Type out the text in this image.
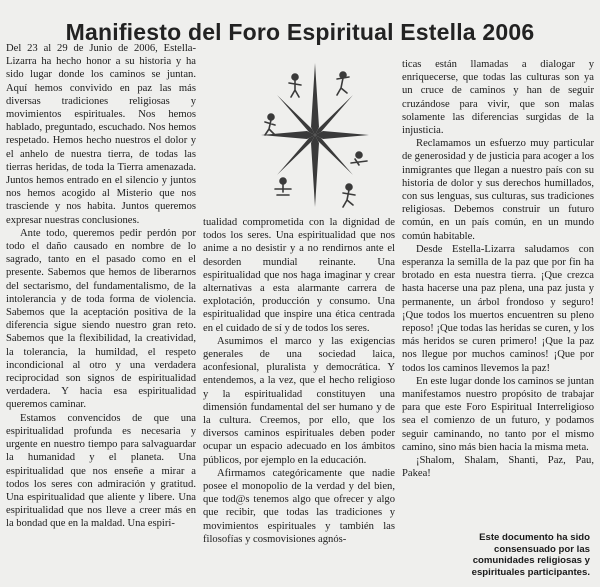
Manifiesto del Foro Espiritual Estella 2006

Del 23 al 29 de Junio de 2006, Estella-Lizarra ha hecho honor a su historia y ha sido lugar donde los caminos se juntan. Aquí hemos convivido en paz las más diversas tradiciones religiosas y movimientos espirituales. Nos hemos hablado, preguntado, escuchado. Nos hemos respetado. Hemos hecho nuestros el dolor y el anhelo de nuestra tierra, de todas las tierras heridas, de toda la Tierra amenazada. Juntos hemos entrado en el silencio y juntos nos hemos acogido al Misterio que nos trasciende y nos habita. Juntos queremos expresar nuestras conclusiones.

Ante todo, queremos pedir perdón por todo el daño causado en nombre de lo sagrado, tanto en el pasado como en el presente. Sabemos que hemos de liberarnos del sectarismo, del fundamentalismo, de la intolerancia y de toda forma de violencia. Sabemos que la aceptación positiva de la diferencia sigue siendo nuestro gran reto. Sabemos que la flexibilidad, la creatividad, la tolerancia, la humildad, el respeto incondicional al otro y una verdadera reciprocidad son signos de espiritualidad verdadera. Y hacia esa espiritualidad queremos caminar.

Estamos convencidos de que una espiritualidad profunda es necesaria y urgente en nuestro tiempo para salvaguardar la humanidad y el planeta. Una espiritualidad que nos enseñe a mirar a todos los seres con admiración y gratitud. Una espiritualidad que aliente y libere. Una espiritualidad que nos lleve a creer más en la bondad que en la maldad. Una espiri-

tualidad comprometida con la dignidad de todos los seres. Una espiritualidad que nos anime a no desistir y a no rendirnos ante el desorden mundial reinante. Una espiritualidad que nos haga imaginar y crear alternativas a esta alarmante carrera de explotación, producción y consumo. Una espiritualidad que inspire una ética centrada en el cuidado de sí y de todos los seres.

Asumimos el marco y las exigencias generales de una sociedad laica, aconfesional, pluralista y democrática. Y entendemos, a la vez, que el hecho religioso y la espiritualidad constituyen una dimensión fundamental del ser humano y de la cultura. Creemos, por ello, que los diversos caminos espirituales deben poder ocupar un espacio adecuado en los ámbitos públicos, por ejemplo en la educación.

Afirmamos categóricamente que nadie posee el monopolio de la verdad y del bien, que tod@s tenemos algo que ofrecer y algo que recibir, que todas las tradiciones y movimientos espirituales y también las filosofías y cosmovisiones agnós-

ticas están llamadas a dialogar y enriquecerse, que todas las culturas son ya un cruce de caminos y han de seguir cruzándose para vivir, que son malas solamente las diferencias surgidas de la injusticia.

Reclamamos un esfuerzo muy particular de generosidad y de justicia para acoger a los inmigrantes que llegan a nuestro país con su historia de dolor y sus derechos humillados, con sus lenguas, sus culturas, sus tradiciones religiosas. Debemos construir un futuro común, en un país común, en un mundo común habitable.

Desde Estella-Lizarra saludamos con esperanza la semilla de la paz que por fin ha brotado en esta nuestra tierra. ¡Que crezca hasta hacerse una paz plena, una paz justa y permanente, un árbol frondoso y seguro! ¡Que todos los muertos encuentren su pleno reposo! ¡Que todas las heridas se curen, y los más heridos se curen primero! ¡Que la paz nos llegue por muchos caminos! ¡Que por todos los caminos llevemos la paz!

En este lugar donde los caminos se juntan manifestamos nuestro propósito de trabajar para que este Foro Espiritual Interreligioso sea el comienzo de un futuro, y podamos seguir caminando, no tanto por el mismo camino, sino más bien hacia la misma meta.

¡Shalom, Shalam, Shanti, Paz, Pau, Pakea!

Este documento ha sido consensuado por las comunidades religiosas y espirituales participantes.
